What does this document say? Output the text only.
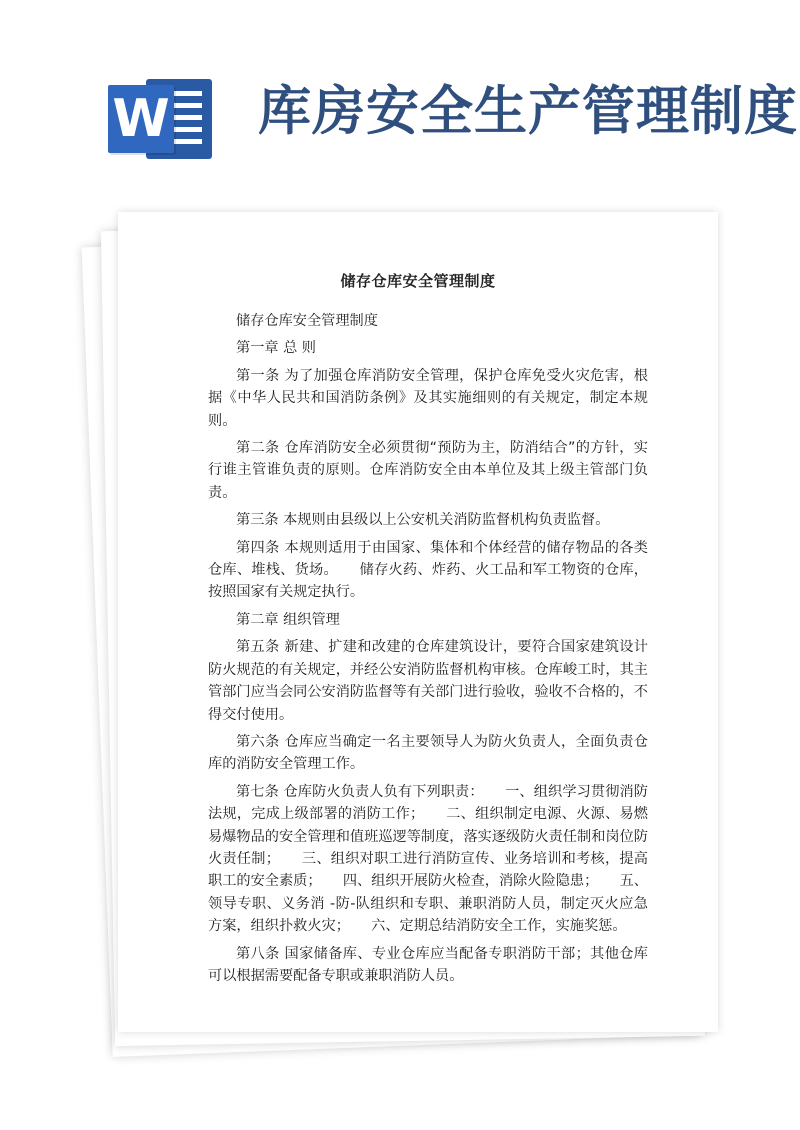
W 库房安全生产管理制度
储存仓库安全管理制度

储存仓库安全管理制度

第一章 总 则

第一条 为了加强仓库消防安全管理，保护仓库免受火灾危害，根据《中华人民共和国消防条例》及其实施细则的有关规定，制定本规则。

第二条 仓库消防安全必须贯彻“预防为主，防消结合”的方针，实行谁主管谁负责的原则。仓库消防安全由本单位及其上级主管部门负责。

第三条 本规则由县级以上公安机关消防监督机构负责监督。

第四条 本规则适用于由国家、集体和个体经营的储存物品的各类仓库、堆栈、货场。　　储存火药、炸药、火工品和军工物资的仓库，按照国家有关规定执行。

第二章 组织管理

第五条 新建、扩建和改建的仓库建筑设计，要符合国家建筑设计防火规范的有关规定，并经公安消防监督机构审核。仓库峻工时，其主管部门应当会同公安消防监督等有关部门进行验收，验收不合格的，不得交付使用。

第六条 仓库应当确定一名主要领导人为防火负责人，全面负责仓库的消防安全管理工作。

第七条 仓库防火负责人负有下列职责：　　一、组织学习贯彻消防法规，完成上级部署的消防工作；　　二、组织制定电源、火源、易燃易爆物品的安全管理和值班巡逻等制度，落实逐级防火责任制和岗位防火责任制；　　三、组织对职工进行消防宣传、业务培训和考核，提高职工的安全素质；　　四、组织开展防火检查，消除火险隐患；　　五、领导专职、义务消 -防-队组织和专职、兼职消防人员，制定灭火应急方案，组织扑救火灾；　　六、定期总结消防安全工作，实施奖惩。

第八条 国家储备库、专业仓库应当配备专职消防干部；其他仓库可以根据需要配备专职或兼职消防人员。
